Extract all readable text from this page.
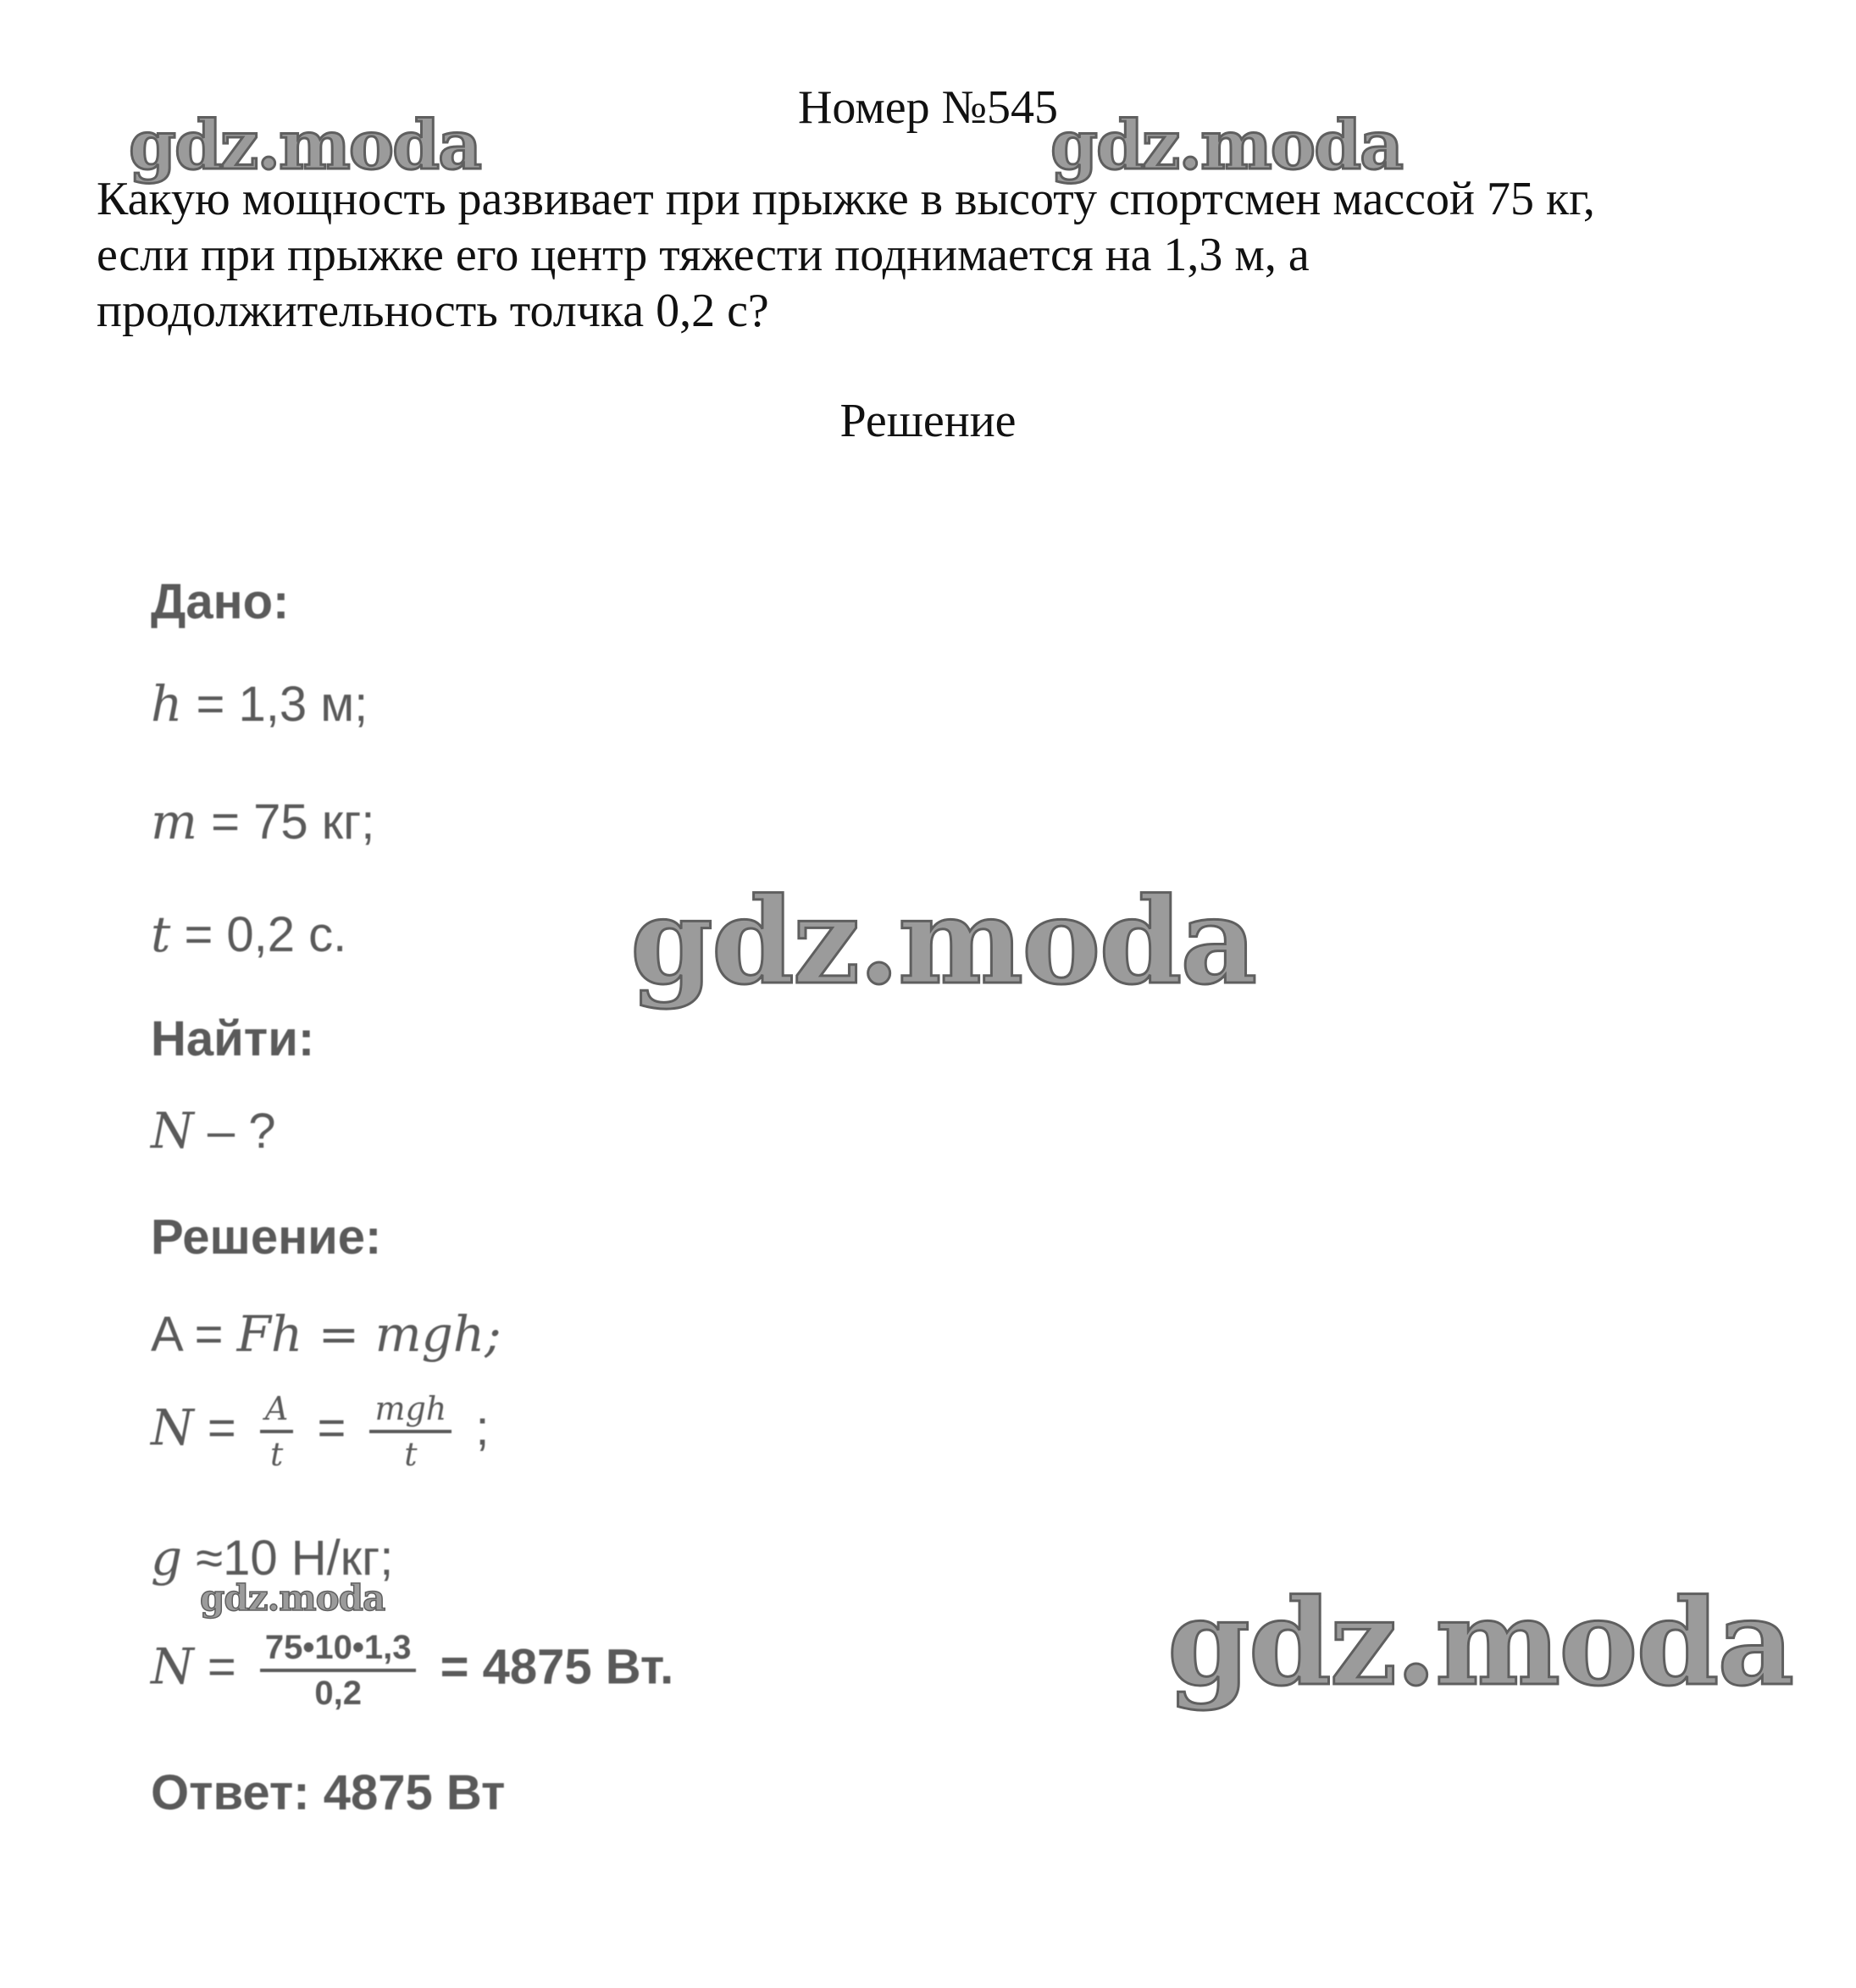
Номер №545
Какую мощность развивает при прыжке в высоту спортсмен массой 75 кг,
если при прыжке его центр тяжести поднимается на 1,3 м, а
продолжительность толчка 0,2 с?
Решение
Дано:
h = 1,3 м;
m = 75 кг;
t = 0,2 с.
Найти:
N – ?
Решение:
A = Fh = mgh;
$N = \frac{A}{t} = \frac{\text{mgh}}{t}$ ;
g ≈10 Н/кг;
$N = \frac{75•10•1,3}{0,2} = 4875$ Вт.
Ответ: 4875 Вт
gdz.moda	gdz.moda
gdz.moda
gdz.moda	gdz.moda
